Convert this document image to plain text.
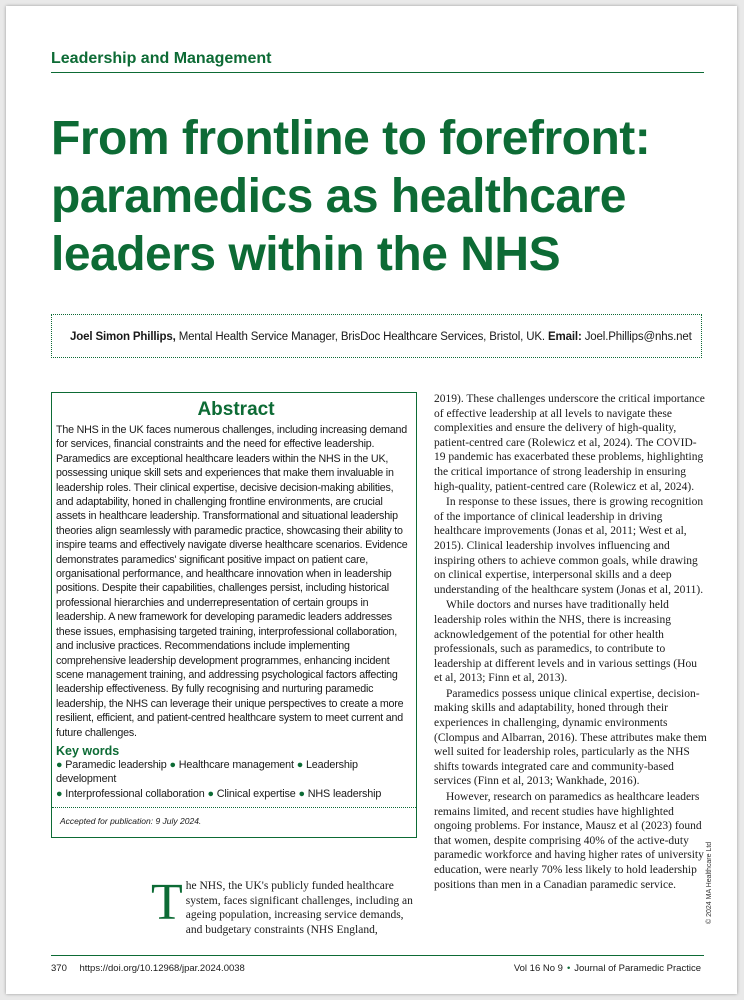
Leadership and Management
From frontline to forefront:
paramedics as healthcare
leaders within the NHS
Joel Simon Phillips, Mental Health Service Manager, BrisDoc Healthcare Services, Bristol, UK. Email: Joel.Phillips@nhs.net
Abstract

The NHS in the UK faces numerous challenges, including increasing demand for services, financial constraints and the need for effective leadership. Paramedics are exceptional healthcare leaders within the NHS in the UK, possessing unique skill sets and experiences that make them invaluable in leadership roles. Their clinical expertise, decisive decision-making abilities, and adaptability, honed in challenging frontline environments, are crucial assets in healthcare leadership. Transformational and situational leadership theories align seamlessly with paramedic practice, showcasing their ability to inspire teams and effectively navigate diverse healthcare scenarios. Evidence demonstrates paramedics' significant positive impact on patient care, organisational performance, and healthcare innovation when in leadership positions. Despite their capabilities, challenges persist, including historical professional hierarchies and underrepresentation of certain groups in leadership. A new framework for developing paramedic leaders addresses these issues, emphasising targeted training, interprofessional collaboration, and inclusive practices. Recommendations include implementing comprehensive leadership development programmes, enhancing incident scene management training, and addressing psychological factors affecting leadership effectiveness. By fully recognising and nurturing paramedic leadership, the NHS can leverage their unique perspectives to create a more resilient, efficient, and patient-centred healthcare system to meet current and future challenges.

Key words
● Paramedic leadership ● Healthcare management ● Leadership development
● Interprofessional collaboration ● Clinical expertise ● NHS leadership
Accepted for publication: 9 July 2024.
The NHS, the UK's publicly funded healthcare system, faces significant challenges, including an ageing population, increasing service demands, and budgetary constraints (NHS England,

2019). These challenges underscore the critical importance of effective leadership at all levels to navigate these complexities and ensure the delivery of high-quality, patient-centred care (Rolewicz et al, 2024). The COVID-19 pandemic has exacerbated these problems, highlighting the critical importance of strong leadership in ensuring high-quality, patient-centred care (Rolewicz et al, 2024).

In response to these issues, there is growing recognition of the importance of clinical leadership in driving healthcare improvements (Jonas et al, 2011; West et al, 2015). Clinical leadership involves influencing and inspiring others to achieve common goals, while drawing on clinical expertise, interpersonal skills and a deep understanding of the healthcare system (Jonas et al, 2011).

While doctors and nurses have traditionally held leadership roles within the NHS, there is increasing acknowledgement of the potential for other health professionals, such as paramedics, to contribute to leadership at different levels and in various settings (Hou et al, 2013; Finn et al, 2013).

Paramedics possess unique clinical expertise, decision-making skills and adaptability, honed through their experiences in challenging, dynamic environments (Clompus and Albarran, 2016). These attributes make them well suited for leadership roles, particularly as the NHS shifts towards integrated care and community-based services (Finn et al, 2013; Wankhade, 2016).

However, research on paramedics as healthcare leaders remains limited, and recent studies have highlighted ongoing problems. For instance, Mausz et al (2023) found that women, despite comprising 40% of the active-duty paramedic workforce and having higher rates of university education, were nearly 70% less likely to hold leadership positions than men in a Canadian paramedic service.	© 2024 MA Healthcare Ltd
370 https://doi.org/10.12968/jpar.2024.0038	Vol 16 No 9 • Journal of Paramedic Practice
